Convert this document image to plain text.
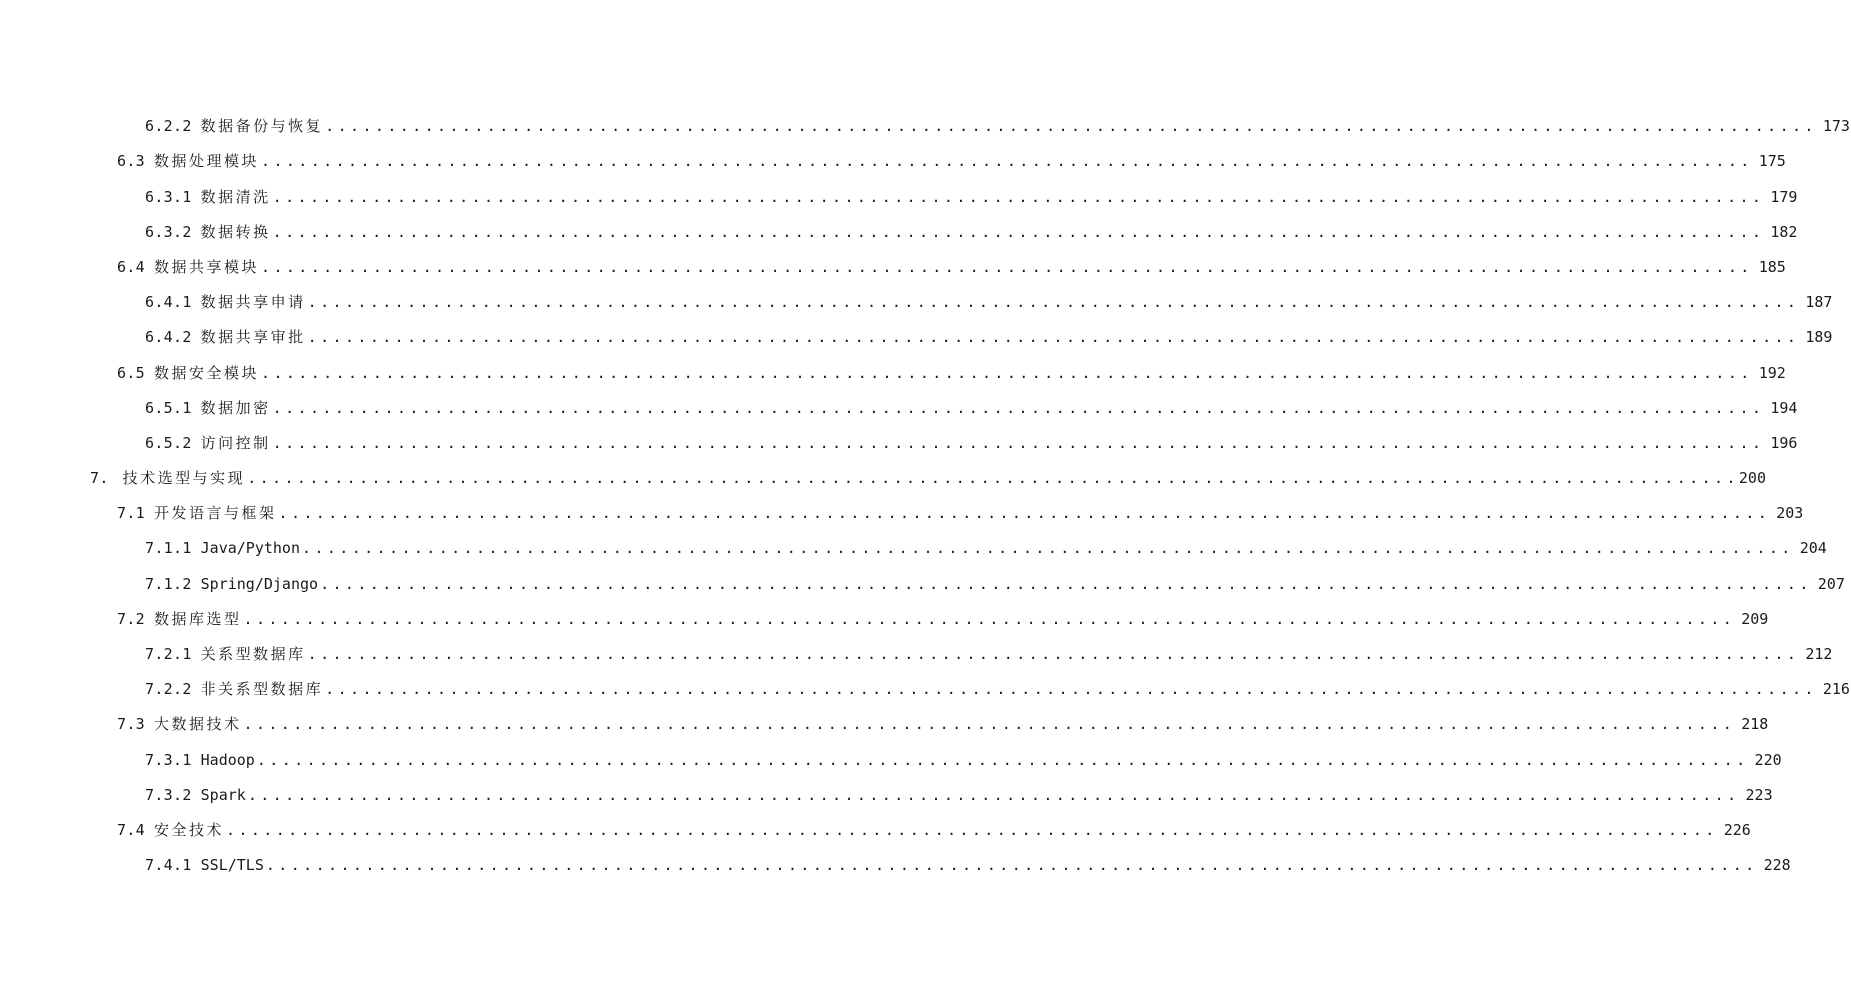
6.2.2 数据备份与恢复 ........................................................................................................................ 173
6.3 数据处理模块 ........................................................................................................................ 175
6.3.1 数据清洗 ........................................................................................................................ 179
6.3.2 数据转换 ........................................................................................................................ 182
6.4 数据共享模块 ........................................................................................................................ 185
6.4.1 数据共享申请 ........................................................................................................................ 187
6.4.2 数据共享审批 ........................................................................................................................ 189
6.5 数据安全模块 ........................................................................................................................ 192
6.5.1 数据加密 ........................................................................................................................ 194
6.5.2 访问控制 ........................................................................................................................ 196
7. 技术选型与实现 ........................................................................................................................ 200
7.1 开发语言与框架 ........................................................................................................................ 203
7.1.1 Java/Python ........................................................................................................................ 204
7.1.2 Spring/Django ........................................................................................................................ 207
7.2 数据库选型 ........................................................................................................................ 209
7.2.1 关系型数据库 ........................................................................................................................ 212
7.2.2 非关系型数据库 ........................................................................................................................ 216
7.3 大数据技术 ........................................................................................................................ 218
7.3.1 Hadoop ........................................................................................................................ 220
7.3.2 Spark ........................................................................................................................ 223
7.4 安全技术 ........................................................................................................................ 226
7.4.1 SSL/TLS ........................................................................................................................ 228
